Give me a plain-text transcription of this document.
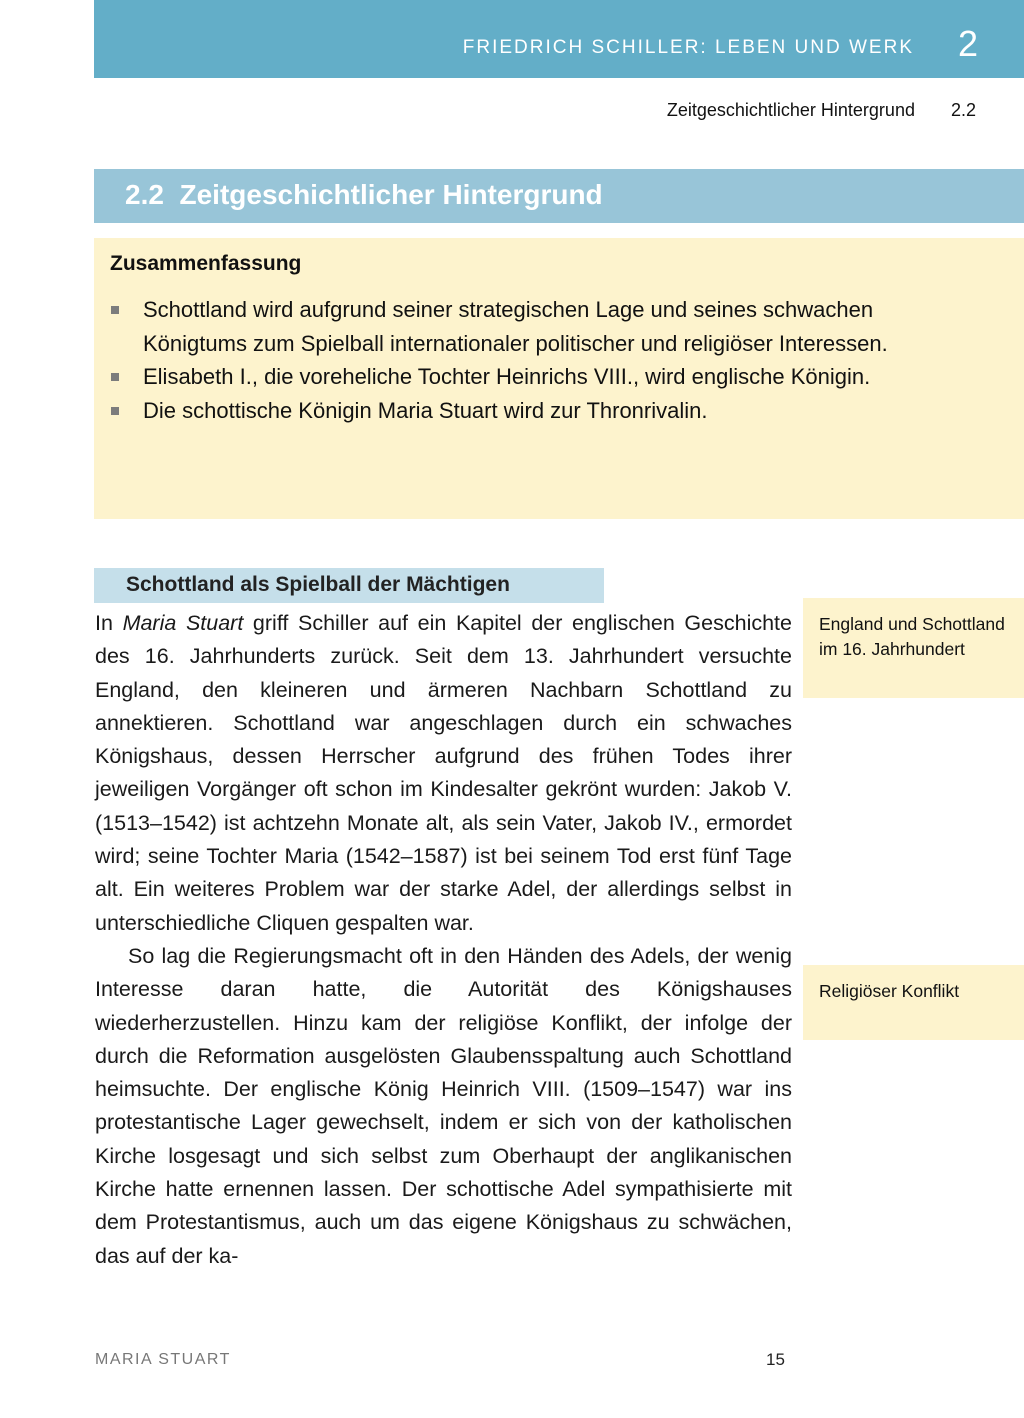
FRIEDRICH SCHILLER: LEBEN UND WERK 2
Zeitgeschichtlicher Hintergrund 2.2
2.2  Zeitgeschichtlicher Hintergrund
Zusammenfassung
Schottland wird aufgrund seiner strategischen Lage und seines schwachen Königtums zum Spielball internationaler politischer und religiöser Interessen.
Elisabeth I., die voreheliche Tochter Heinrichs VIII., wird englische Königin.
Die schottische Königin Maria Stuart wird zur Thronrivalin.
Schottland als Spielball der Mächtigen

In Maria Stuart griff Schiller auf ein Kapitel der englischen Geschichte des 16. Jahrhunderts zurück. Seit dem 13. Jahrhundert versuchte England, den kleineren und ärmeren Nachbarn Schottland zu annektieren. Schottland war angeschlagen durch ein schwaches Königshaus, dessen Herrscher aufgrund des frühen Todes ihrer jeweiligen Vorgänger oft schon im Kindesalter gekrönt wurden: Jakob V. (1513–1542) ist achtzehn Monate alt, als sein Vater, Jakob IV., ermordet wird; seine Tochter Maria (1542–1587) ist bei seinem Tod erst fünf Tage alt. Ein weiteres Problem war der starke Adel, der allerdings selbst in unterschiedliche Cliquen gespalten war.

So lag die Regierungsmacht oft in den Händen des Adels, der wenig Interesse daran hatte, die Autorität des Königshauses wiederherzustellen. Hinzu kam der religiöse Konflikt, der infolge der durch die Reformation ausgelösten Glaubensspaltung auch Schottland heimsuchte. Der englische König Heinrich VIII. (1509–1547) war ins protestantische Lager gewechselt, indem er sich von der katholischen Kirche losgesagt und sich selbst zum Oberhaupt der anglikanischen Kirche hatte ernennen lassen. Der schottische Adel sympathisierte mit dem Protestantismus, auch um das eigene Königshaus zu schwächen, das auf der ka-

England und Schottland im 16. Jahrhundert
Religiöser Konflikt
MARIA STUART	15
